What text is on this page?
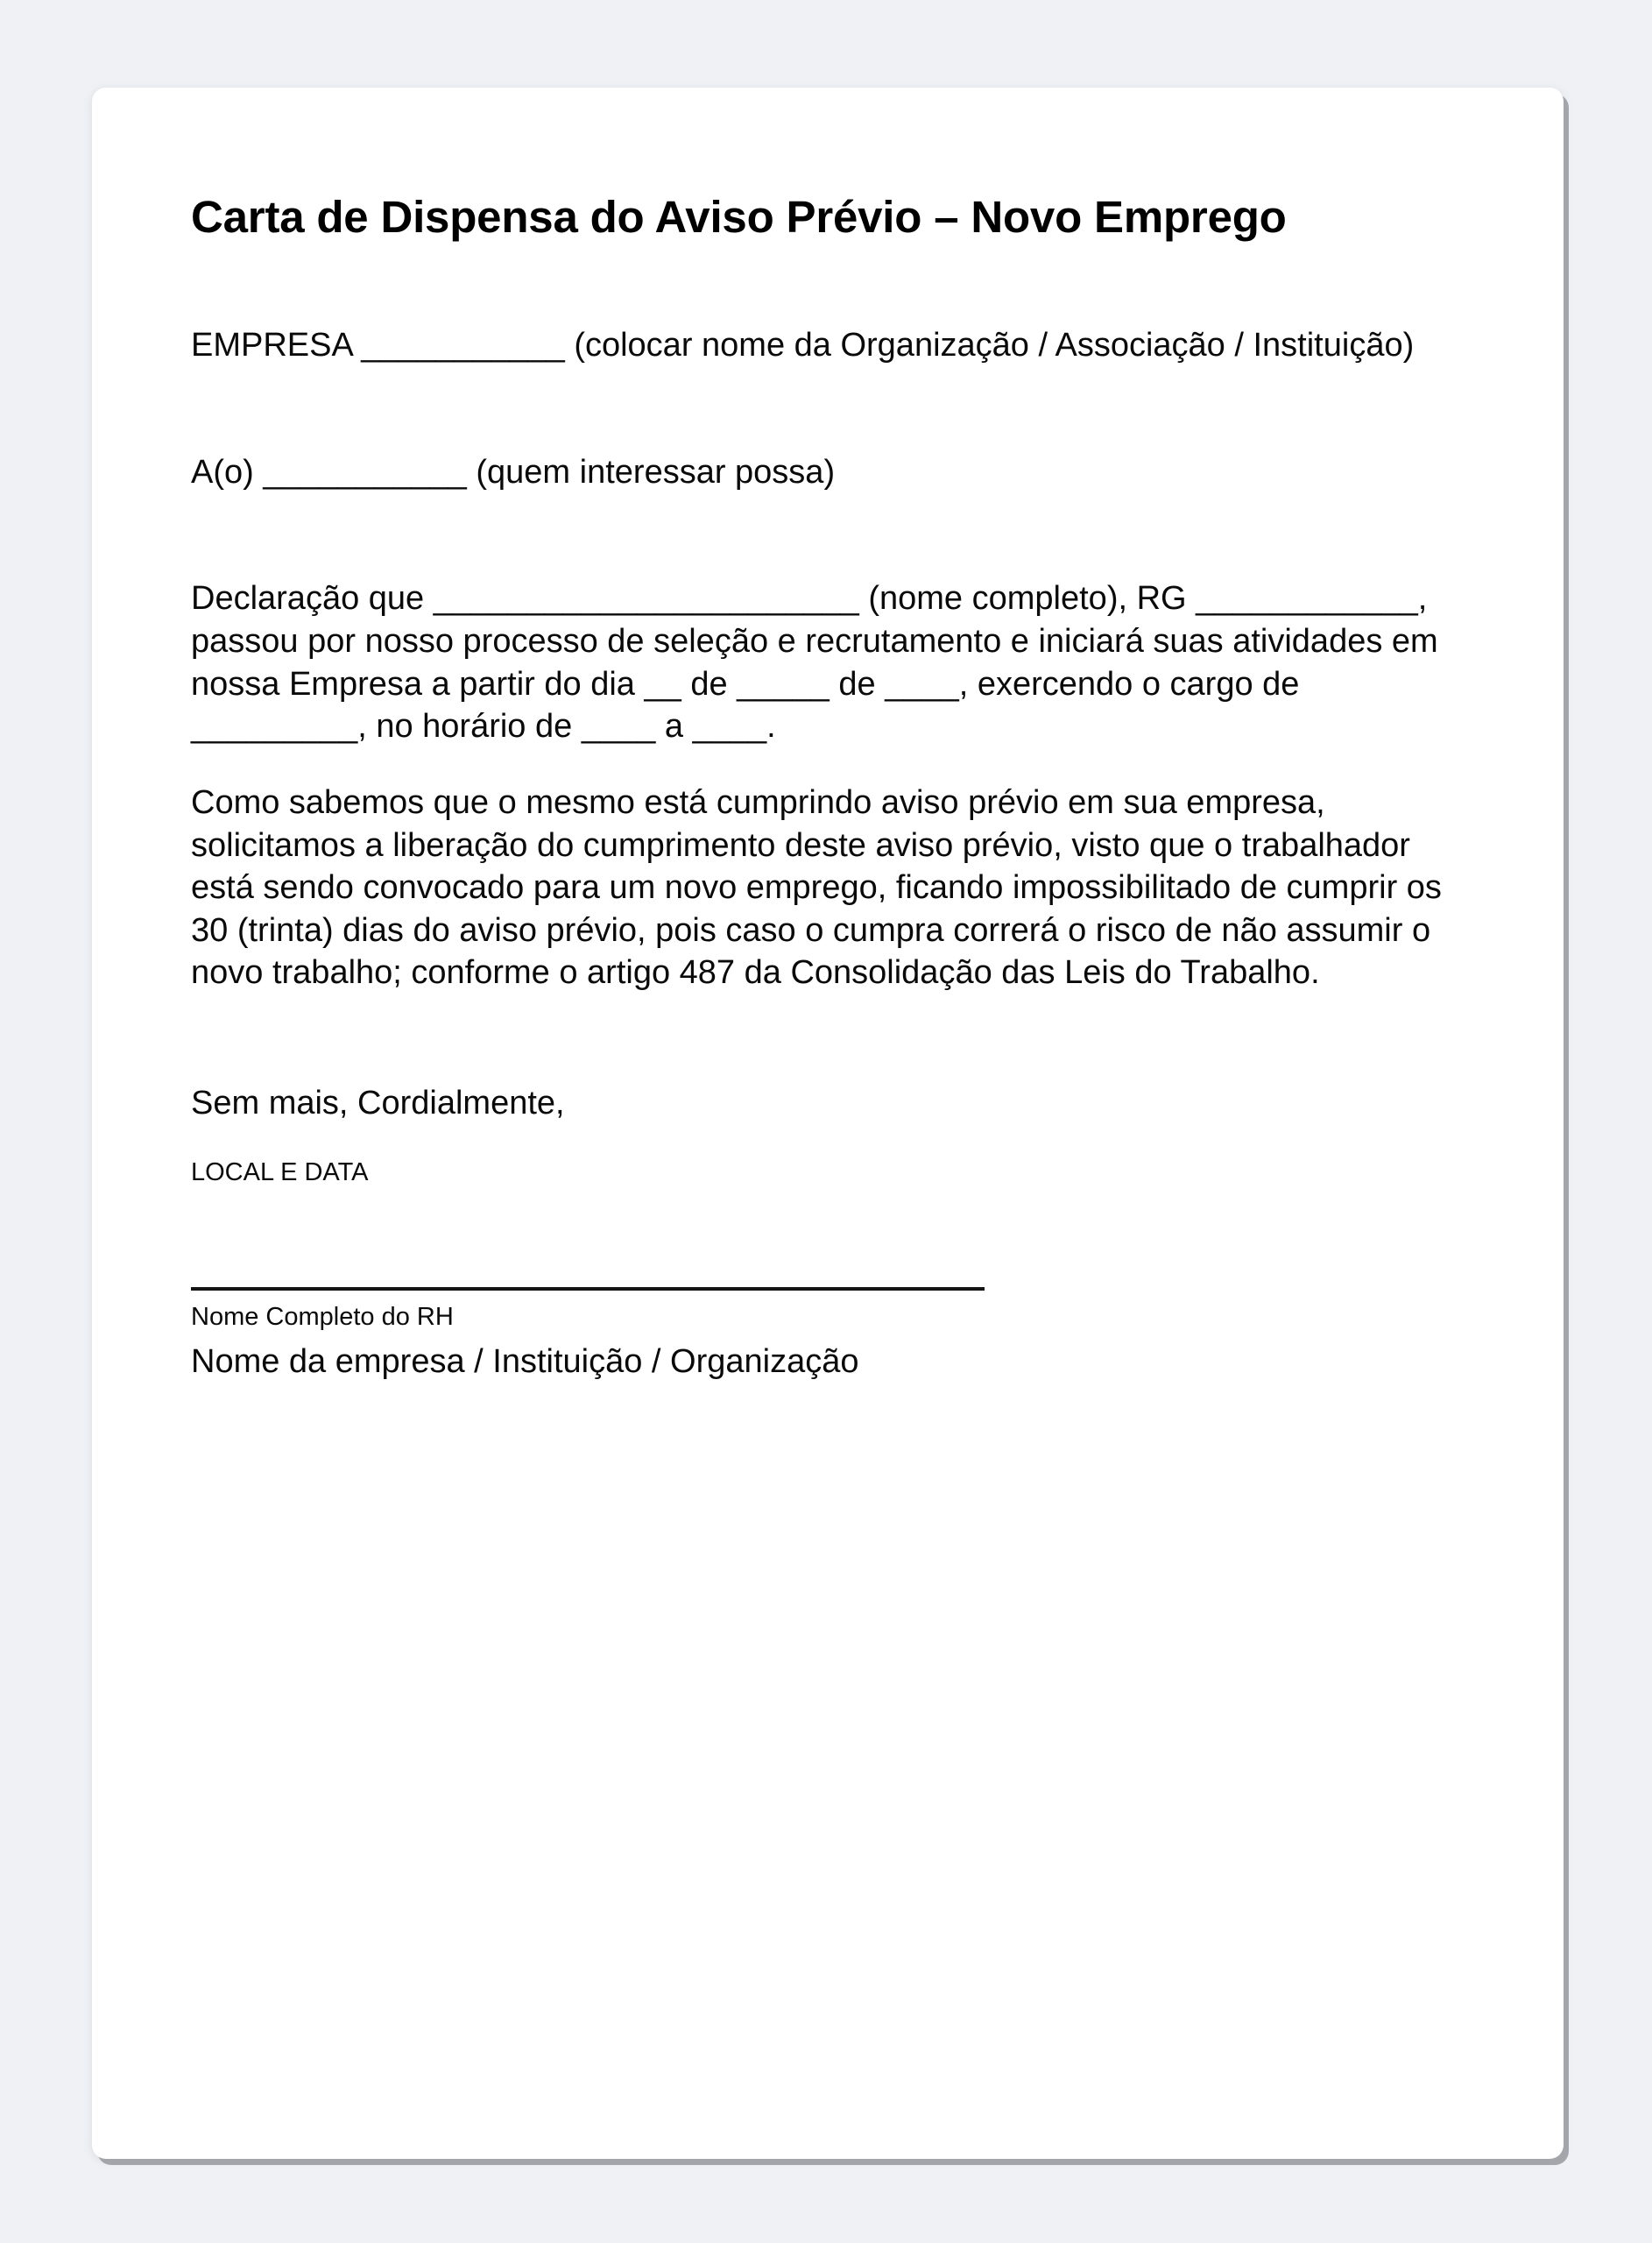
Carta de Dispensa do Aviso Prévio – Novo Emprego

EMPRESA ___________ (colocar nome da Organização / Associação / Instituição)

A(o) ___________ (quem interessar possa)

Declaração que _______________________ (nome completo), RG ____________, passou por nosso processo de seleção e recrutamento e iniciará suas atividades em nossa Empresa a partir do dia __ de _____ de ____, exercendo o cargo de _________, no horário de ____ a ____.

Como sabemos que o mesmo está cumprindo aviso prévio em sua empresa, solicitamos a liberação do cumprimento deste aviso prévio, visto que o trabalhador está sendo convocado para um novo emprego, ficando impossibilitado de cumprir os 30 (trinta) dias do aviso prévio, pois caso o cumpra correrá o risco de não assumir o novo trabalho; conforme o artigo 487 da Consolidação das Leis do Trabalho.

Sem mais, Cordialmente,

LOCAL E DATA

Nome Completo do RH

Nome da empresa / Instituição / Organização
